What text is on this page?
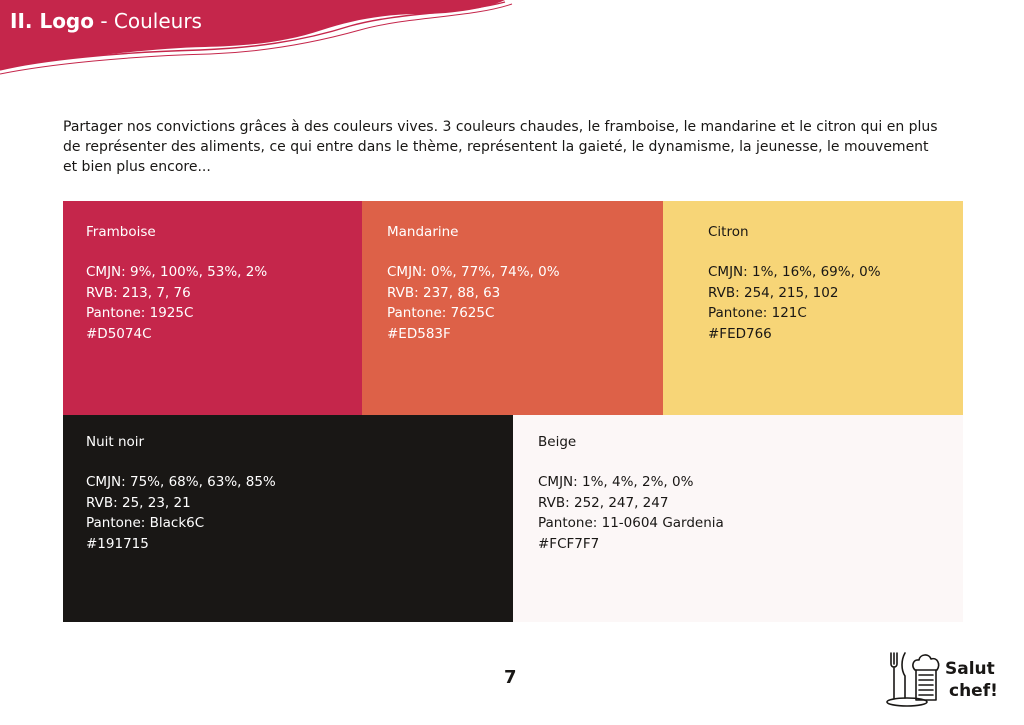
II. Logo - Couleurs

Partager nos convictions grâces à des couleurs vives. 3 couleurs chaudes, le framboise, le mandarine et le citron qui en plus de représenter des aliments, ce qui entre dans le thème, représentent la gaieté, le dynamisme, la jeunesse, le mouvement et bien plus encore...

Framboise
CMJN: 9%, 100%, 53%, 2%
RVB: 213, 7, 76
Pantone: 1925C
#D5074C
Mandarine
CMJN: 0%, 77%, 74%, 0%
RVB: 237, 88, 63
Pantone: 7625C
#ED583F
Citron
CMJN: 1%, 16%, 69%, 0%
RVB: 254, 215, 102
Pantone: 121C
#FED766
Nuit noir
CMJN: 75%, 68%, 63%, 85%
RVB: 25, 23, 21
Pantone: Black6C
#191715
Beige
CMJN: 1%, 4%, 2%, 0%
RVB: 252, 247, 247
Pantone: 11-0604 Gardenia
#FCF7F7
7	Salut
chef!
